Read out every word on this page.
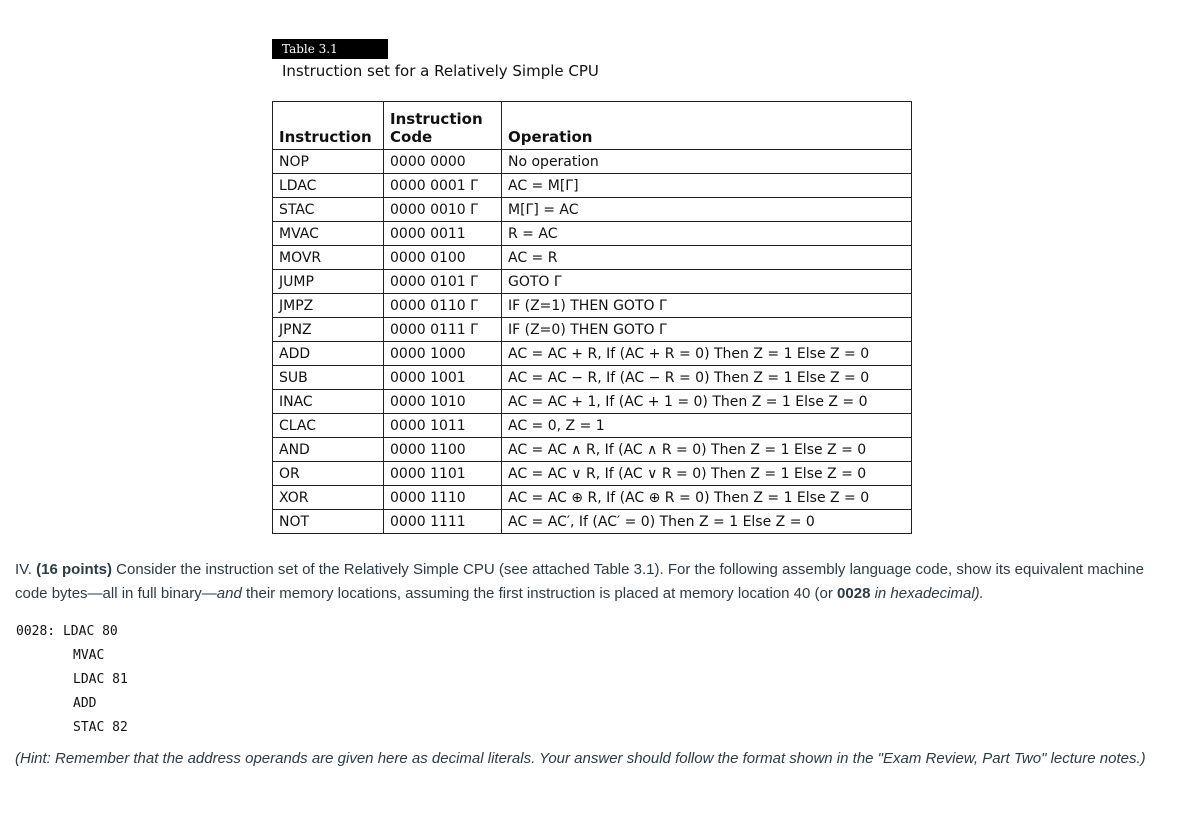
Table 3.1
Instruction set for a Relatively Simple CPU
Instruction	Instruction Code	Operation
NOP	0000 0000	No operation
LDAC	0000 0001 Γ	AC = M[Γ]
STAC	0000 0010 Γ	M[Γ] = AC
MVAC	0000 0011	R = AC
MOVR	0000 0100	AC = R
JUMP	0000 0101 Γ	GOTO Γ
JMPZ	0000 0110 Γ	IF (Z=1) THEN GOTO Γ
JPNZ	0000 0111 Γ	IF (Z=0) THEN GOTO Γ
ADD	0000 1000	AC = AC + R, If (AC + R = 0) Then Z = 1 Else Z = 0
SUB	0000 1001	AC = AC − R, If (AC − R = 0) Then Z = 1 Else Z = 0
INAC	0000 1010	AC = AC + 1, If (AC + 1 = 0) Then Z = 1 Else Z = 0
CLAC	0000 1011	AC = 0, Z = 1
AND	0000 1100	AC = AC ∧ R, If (AC ∧ R = 0) Then Z = 1 Else Z = 0
OR	0000 1101	AC = AC ∨ R, If (AC ∨ R = 0) Then Z = 1 Else Z = 0
XOR	0000 1110	AC = AC ⊕ R, If (AC ⊕ R = 0) Then Z = 1 Else Z = 0
NOT	0000 1111	AC = AC′, If (AC′ = 0) Then Z = 1 Else Z = 0
IV. (16 points) Consider the instruction set of the Relatively Simple CPU (see attached Table 3.1). For the following assembly language code, show its equivalent machine code bytes—all in full binary—and their memory locations, assuming the first instruction is placed at memory location 40 (or 0028 in hexadecimal).
0028: LDAC 80
MVAC
LDAC 81
ADD
STAC 82
(Hint: Remember that the address operands are given here as decimal literals. Your answer should follow the format shown in the "Exam Review, Part Two" lecture notes.)
